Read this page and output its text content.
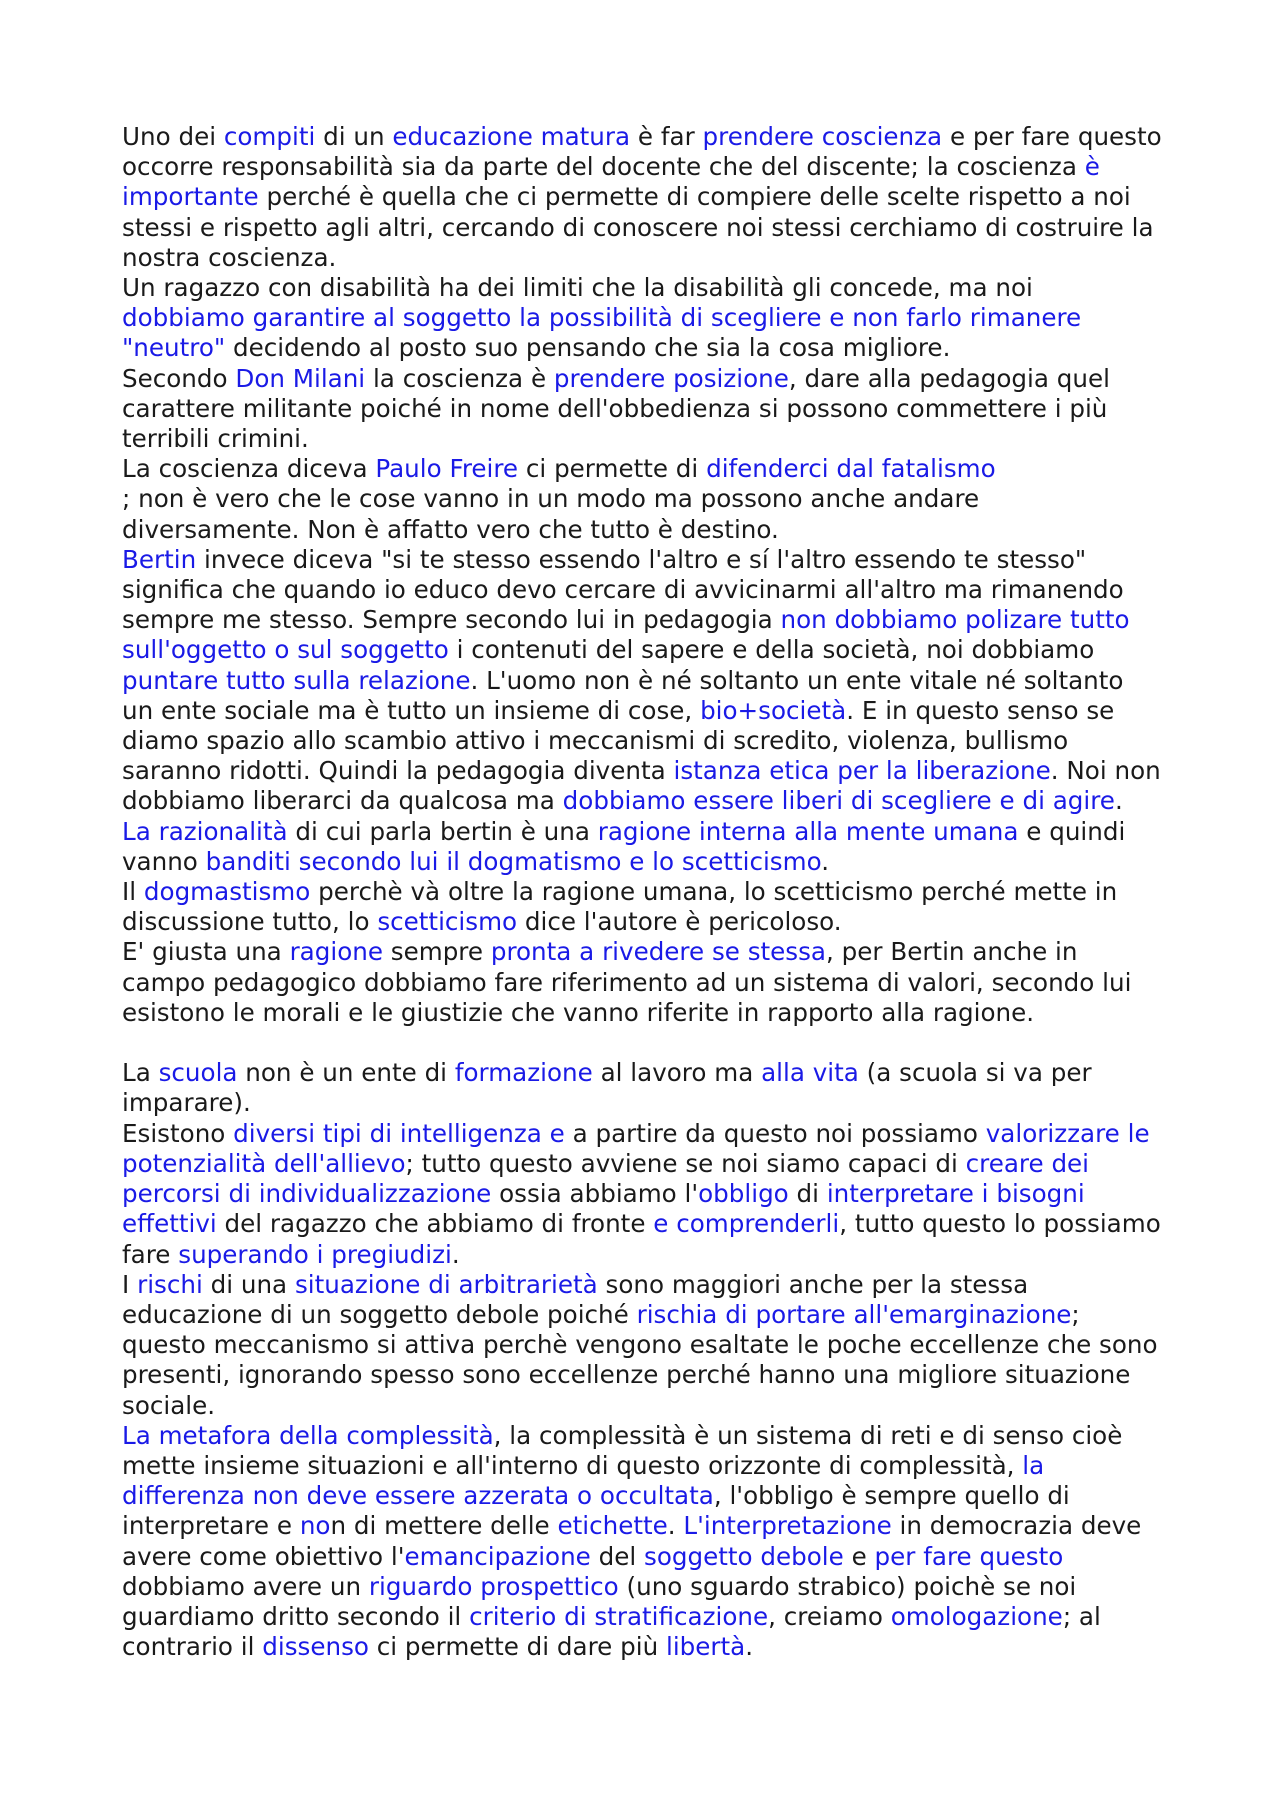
Uno dei compiti di un educazione matura è far prendere coscienza e per fare questo occorre responsabilità sia da parte del docente che del discente; la coscienza è importante perché è quella che ci permette di compiere delle scelte rispetto a noi stessi e rispetto agli altri, cercando di conoscere noi stessi cerchiamo di costruire la nostra coscienza.

Un ragazzo con disabilità ha dei limiti che la disabilità gli concede, ma noi dobbiamo garantire al soggetto la possibilità di scegliere e non farlo rimanere "neutro" decidendo al posto suo pensando che sia la cosa migliore.

Secondo Don Milani la coscienza è prendere posizione, dare alla pedagogia quel carattere militante poiché in nome dell'obbedienza si possono commettere i più terribili crimini.

La coscienza diceva Paulo Freire ci permette di difenderci dal fatalismo

; non è vero che le cose vanno in un modo ma possono anche andare diversamente. Non è affatto vero che tutto è destino.

Bertin invece diceva "si te stesso essendo l'altro e sí l'altro essendo te stesso" significa che quando io educo devo cercare di avvicinarmi all'altro ma rimanendo sempre me stesso. Sempre secondo lui in pedagogia non dobbiamo polizare tutto sull'oggetto o sul soggetto i contenuti del sapere e della società, noi dobbiamo puntare tutto sulla relazione. L'uomo non è né soltanto un ente vitale né soltanto un ente sociale ma è tutto un insieme di cose, bio+società. E in questo senso se diamo spazio allo scambio attivo i meccanismi di scredito, violenza, bullismo saranno ridotti. Quindi la pedagogia diventa istanza etica per la liberazione. Noi non dobbiamo liberarci da qualcosa ma dobbiamo essere liberi di scegliere e di agire.

La razionalità di cui parla bertin è una ragione interna alla mente umana e quindi vanno banditi secondo lui il dogmatismo e lo scetticismo.

Il dogmastismo perchè và oltre la ragione umana, lo scetticismo perché mette in discussione tutto, lo scetticismo dice l'autore è pericoloso.

E' giusta una ragione sempre pronta a rivedere se stessa, per Bertin anche in campo pedagogico dobbiamo fare riferimento ad un sistema di valori, secondo lui esistono le morali e le giustizie che vanno riferite in rapporto alla ragione.

La scuola non è un ente di formazione al lavoro ma alla vita (a scuola si va per imparare).

Esistono diversi tipi di intelligenza e a partire da questo noi possiamo valorizzare le potenzialità dell'allievo; tutto questo avviene se noi siamo capaci di creare dei percorsi di individualizzazione ossia abbiamo l'obbligo di interpretare i bisogni effettivi del ragazzo che abbiamo di fronte e comprenderli, tutto questo lo possiamo fare superando i pregiudizi.

I rischi di una situazione di arbitrarietà sono maggiori anche per la stessa educazione di un soggetto debole poiché rischia di portare all'emarginazione; questo meccanismo si attiva perchè vengono esaltate le poche eccellenze che sono presenti, ignorando spesso sono eccellenze perché hanno una migliore situazione sociale.

La metafora della complessità, la complessità è un sistema di reti e di senso cioè mette insieme situazioni e all'interno di questo orizzonte di complessità, la differenza non deve essere azzerata o occultata, l'obbligo è sempre quello di interpretare e non di mettere delle etichette. L'interpretazione in democrazia deve avere come obiettivo l'emancipazione del soggetto debole e per fare questo dobbiamo avere un riguardo prospettico (uno sguardo strabico) poichè se noi guardiamo dritto secondo il criterio di stratificazione, creiamo omologazione; al contrario il dissenso ci permette di dare più libertà.
